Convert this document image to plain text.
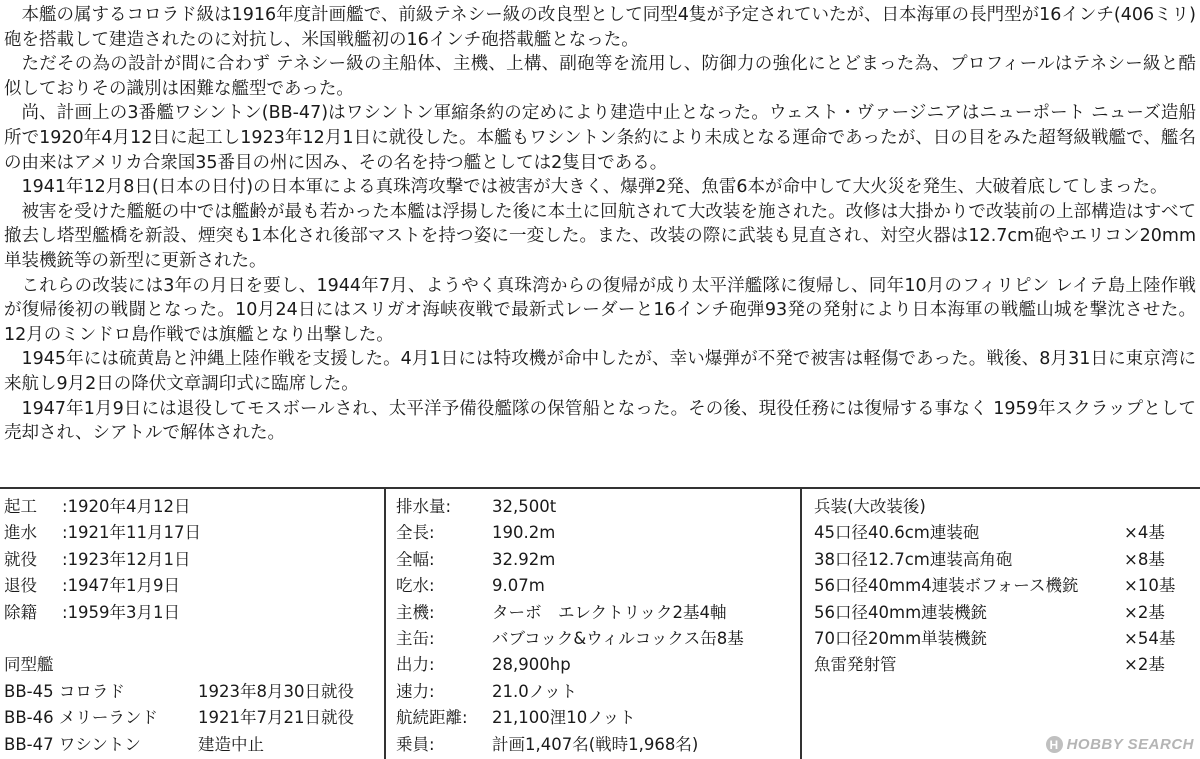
本艦の属するコロラド級は1916年度計画艦で、前級テネシー級の改良型として同型4隻が予定されていたが、日本海軍の長門型が16インチ(406ミリ)砲を搭載して建造されたのに対抗し、米国戦艦初の16インチ砲搭載艦となった。

ただその為の設計が間に合わず テネシー級の主船体、主機、上構、副砲等を流用し、防御力の強化にとどまった為、プロフィールはテネシー級と酷似しておりその識別は困難な艦型であった。

尚、計画上の3番艦ワシントン(BB-47)はワシントン軍縮条約の定めにより建造中止となった。ウェスト・ヴァージニアはニューポート ニューズ造船所で1920年4月12日に起工し1923年12月1日に就役した。本艦もワシントン条約により未成となる運命であったが、日の目をみた超弩級戦艦で、艦名の由来はアメリカ合衆国35番目の州に因み、その名を持つ艦としては2隻目である。

1941年12月8日(日本の日付)の日本軍による真珠湾攻撃では被害が大きく、爆弾2発、魚雷6本が命中して大火災を発生、大破着底してしまった。

被害を受けた艦艇の中では艦齢が最も若かった本艦は浮揚した後に本土に回航されて大改装を施された。改修は大掛かりで改装前の上部構造はすべて撤去し塔型艦橋を新設、煙突も1本化され後部マストを持つ姿に一変した。また、改装の際に武装も見直され、対空火器は12.7cm砲やエリコン20mm単装機銃等の新型に更新された。

これらの改装には3年の月日を要し、1944年7月、ようやく真珠湾からの復帰が成り太平洋艦隊に復帰し、同年10月のフィリピン レイテ島上陸作戦が復帰後初の戦闘となった。10月24日にはスリガオ海峡夜戦で最新式レーダーと16インチ砲弾93発の発射により日本海軍の戦艦山城を撃沈させた。12月のミンドロ島作戦では旗艦となり出撃した。

1945年には硫黄島と沖縄上陸作戦を支援した。4月1日には特攻機が命中したが、幸い爆弾が不発で被害は軽傷であった。戦後、8月31日に東京湾に来航し9月2日の降伏文章調印式に臨席した。

1947年1月9日には退役してモスボールされ、太平洋予備役艦隊の保管船となった。その後、現役任務には復帰する事なく 1959年スクラップとして売却され、シアトルで解体された。

起工	: 1920年4月12日
進水	: 1921年11月17日
就役	: 1923年12月1日
退役	: 1947年1月9日
除籍	: 1959年3月1日
同型艦
BB-45 コロラド	1923年8月30日就役
BB-46 メリーランド	1921年7月21日就役
BB-47 ワシントン	建造中止
排水量:	32,500t
全長:	190.2m
全幅:	32.92m
吃水:	9.07m
主機:	ターボ　エレクトリック2基4軸
主缶:	バブコック&ウィルコックス缶8基
出力:	28,900hp
速力:	21.0ノット
航続距離:	21,100浬10ノット
乗員:	計画1,407名(戦時1,968名)
兵装(大改装後)
45口径40.6cm連装砲	×4基
38口径12.7cm連装高角砲	×8基
56口径40mm4連装ボフォース機銃	×10基
56口径40mm連装機銃	×2基
70口径20mm単装機銃	×54基
魚雷発射管	×2基
H HOBBY SEARCH
